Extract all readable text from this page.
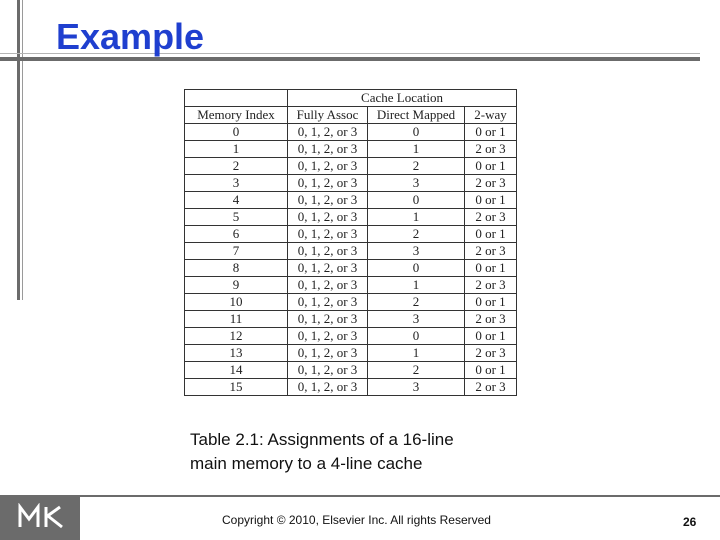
Example
	Cache Location		
Memory Index	Fully Assoc	Direct Mapped	2-way
0	0, 1, 2, or 3	0	0 or 1
1	0, 1, 2, or 3	1	2 or 3
2	0, 1, 2, or 3	2	0 or 1
3	0, 1, 2, or 3	3	2 or 3
4	0, 1, 2, or 3	0	0 or 1
5	0, 1, 2, or 3	1	2 or 3
6	0, 1, 2, or 3	2	0 or 1
7	0, 1, 2, or 3	3	2 or 3
8	0, 1, 2, or 3	0	0 or 1
9	0, 1, 2, or 3	1	2 or 3
10	0, 1, 2, or 3	2	0 or 1
11	0, 1, 2, or 3	3	2 or 3
12	0, 1, 2, or 3	0	0 or 1
13	0, 1, 2, or 3	1	2 or 3
14	0, 1, 2, or 3	2	0 or 1
15	0, 1, 2, or 3	3	2 or 3
Table 2.1: Assignments of a 16-line
main memory to a 4-line cache
Copyright © 2010, Elsevier Inc. All rights Reserved	26
